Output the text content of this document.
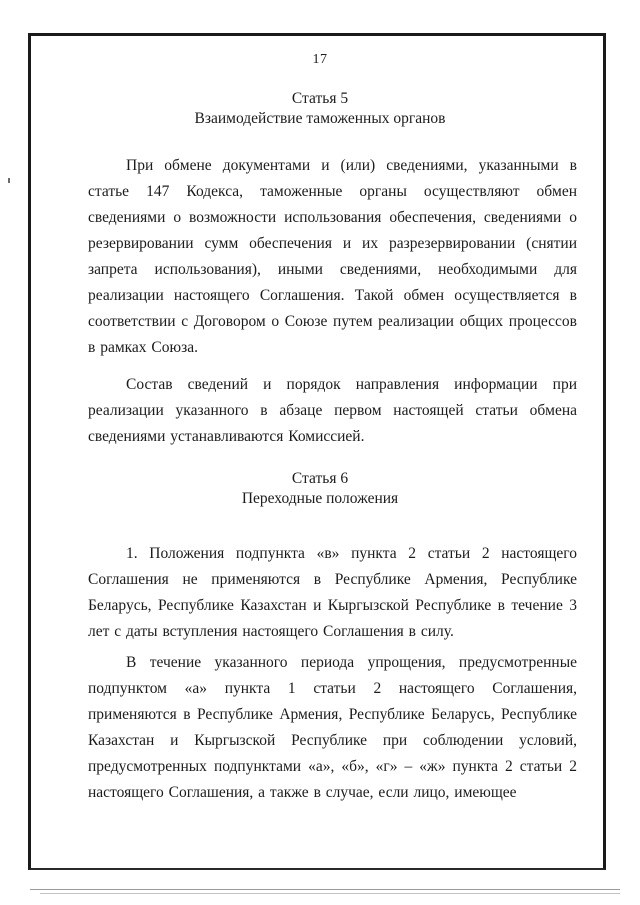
17
Статья 5
Взаимодействие таможенных органов

При обмене документами и (или) сведениями, указанными в статье 147 Кодекса, таможенные органы осуществляют обмен сведениями о возможности использования обеспечения, сведениями о резервировании сумм обеспечения и их разрезервировании (снятии запрета использования), иными сведениями, необходимыми для реализации настоящего Соглашения. Такой обмен осуществляется в соответствии с Договором о Союзе путем реализации общих процессов в рамках Союза.

Состав сведений и порядок направления информации при реализации указанного в абзаце первом настоящей статьи обмена сведениями устанавливаются Комиссией.

Статья 6
Переходные положения

1. Положения подпункта «в» пункта 2 статьи 2 настоящего Соглашения не применяются в Республике Армения, Республике Беларусь, Республике Казахстан и Кыргызской Республике в течение 3 лет с даты вступления настоящего Соглашения в силу.

В течение указанного периода упрощения, предусмотренные подпунктом «а» пункта 1 статьи 2 настоящего Соглашения, применяются в Республике Армения, Республике Беларусь, Республике Казахстан и Кыргызской Республике при соблюдении условий, предусмотренных подпунктами «а», «б», «г» – «ж» пункта 2 статьи 2 настоящего Соглашения, а также в случае, если лицо, имеющее
